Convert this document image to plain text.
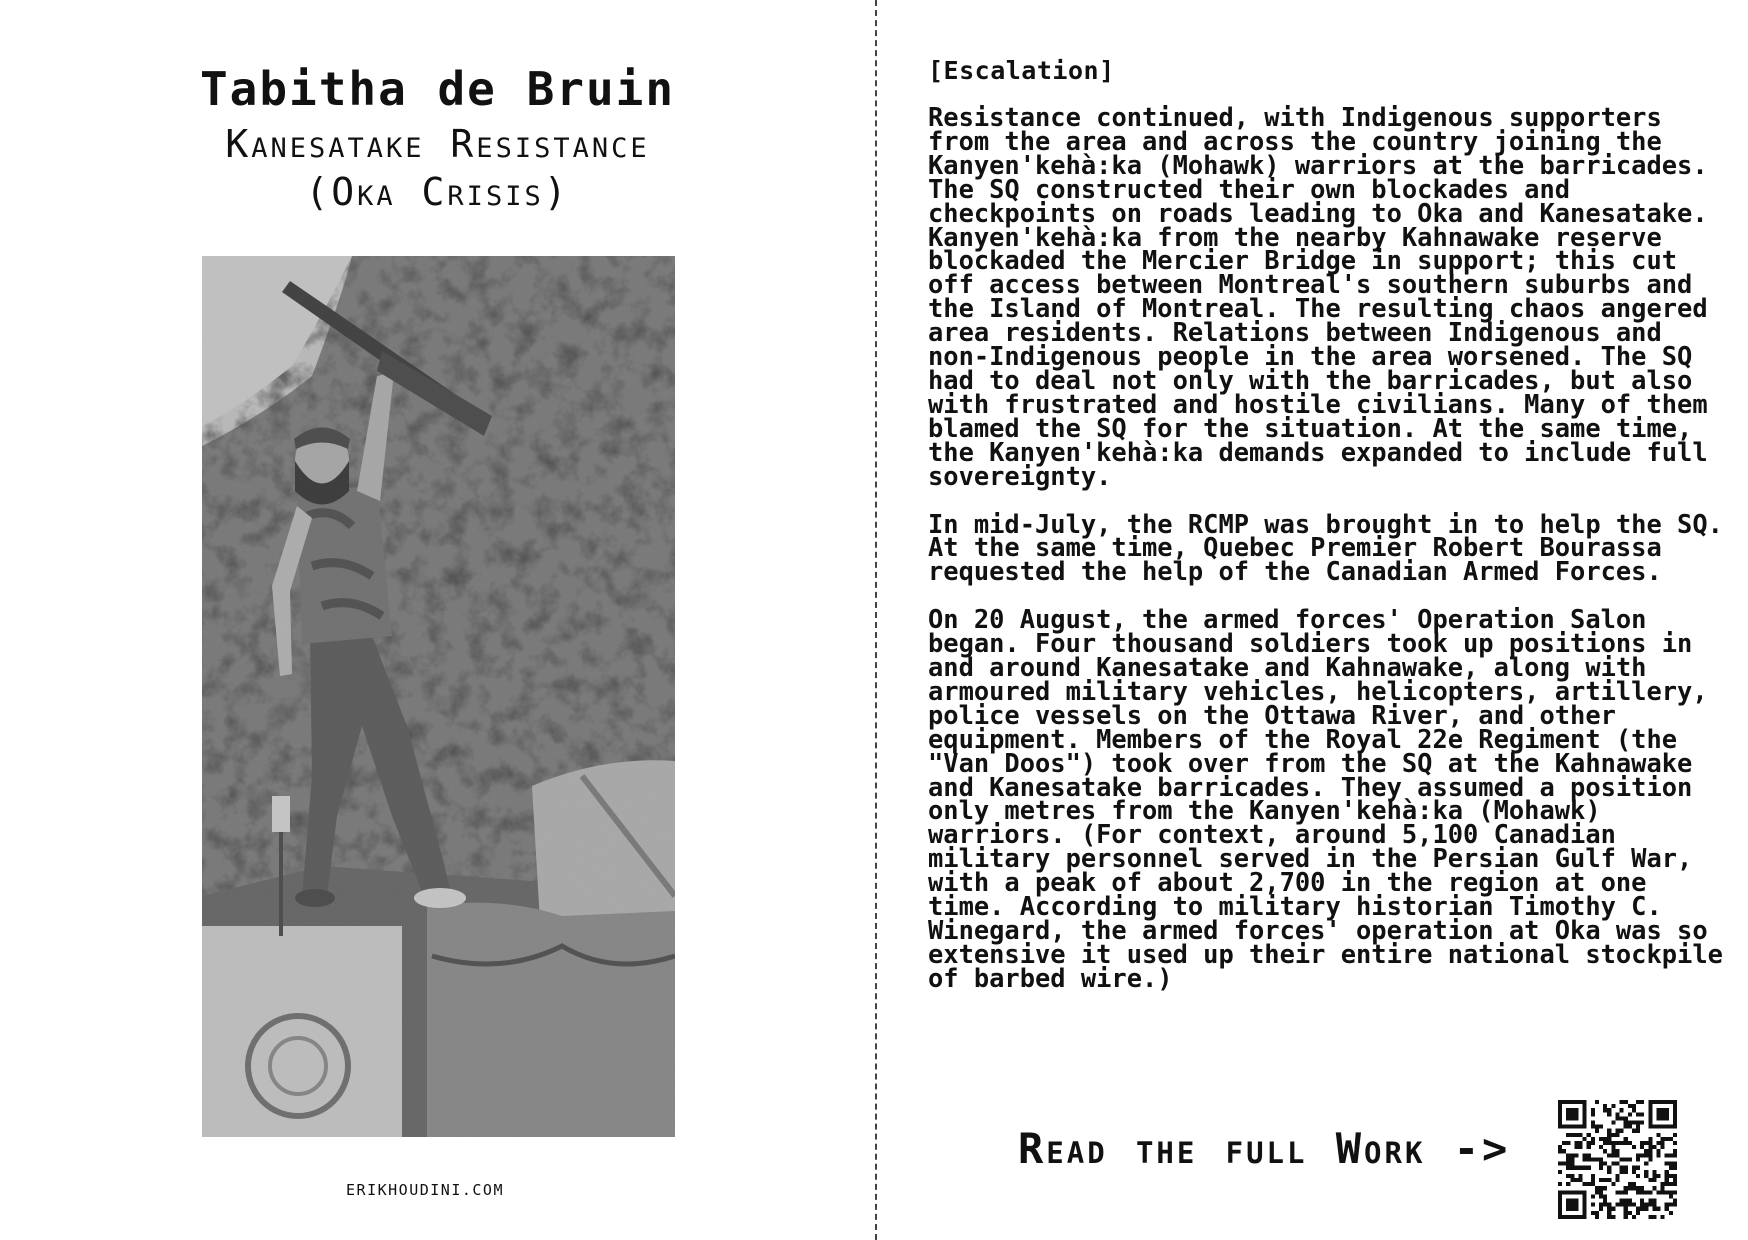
Tabitha de Bruin
Kanesatake Resistance
(Oka Crisis)
ERIKHOUDINI.COM
[Escalation]

Resistance continued, with Indigenous supporters from the area and across the country joining the Kanyen'kehà:ka (Mohawk) warriors at the barricades. The SQ constructed their own blockades and checkpoints on roads leading to Oka and Kanesatake. Kanyen'kehà:ka from the nearby Kahnawake reserve blockaded the Mercier Bridge in support; this cut off access between Montreal's southern suburbs and the Island of Montreal. The resulting chaos angered area residents. Relations between Indigenous and non-Indigenous people in the area worsened. The SQ had to deal not only with the barricades, but also with frustrated and hostile civilians. Many of them blamed the SQ for the situation. At the same time, the Kanyen'kehà:ka demands expanded to include full sovereignty.

In mid-July, the RCMP was brought in to help the SQ. At the same time, Quebec Premier Robert Bourassa requested the help of the Canadian Armed Forces.

On 20 August, the armed forces' Operation Salon began. Four thousand soldiers took up positions in and around Kanesatake and Kahnawake, along with armoured military vehicles, helicopters, artillery, police vessels on the Ottawa River, and other equipment. Members of the Royal 22e Regiment (the "Van Doos") took over from the SQ at the Kahnawake and Kanesatake barricades. They assumed a position only metres from the Kanyen'kehà:ka (Mohawk) warriors. (For context, around 5,100 Canadian military personnel served in the Persian Gulf War, with a peak of about 2,700 in the region at one time. According to military historian Timothy C. Winegard, the armed forces' operation at Oka was so extensive it used up their entire national stockpile of barbed wire.)

Read the full Work ->
